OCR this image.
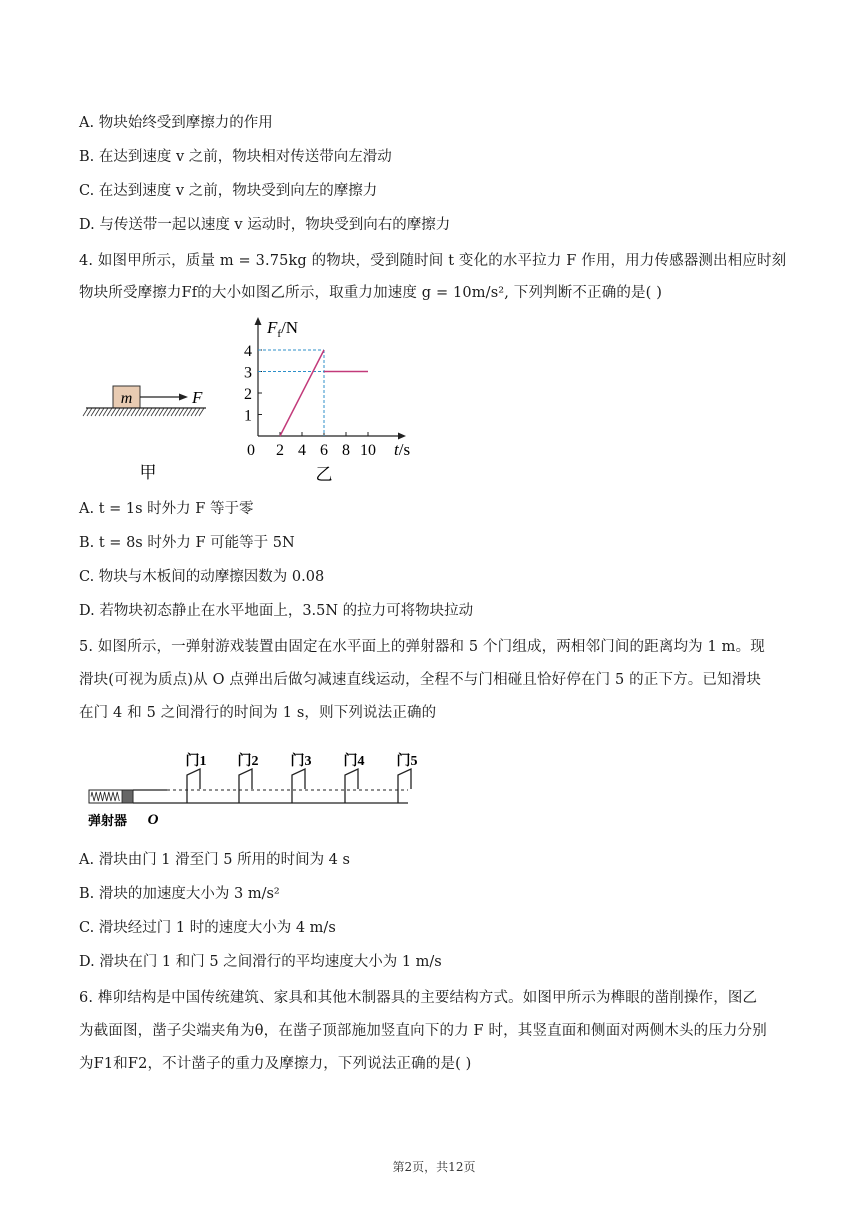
A. 物块始终受到摩擦力的作用
B. 在达到速度 v 之前，物块相对传送带向左滑动
C. 在达到速度 v 之前，物块受到向左的摩擦力
D. 与传送带一起以速度 v 运动时，物块受到向右的摩擦力
4. 如图甲所示，质量 m = 3.75kg 的物块，受到随时间 t 变化的水平拉力 F 作用，用力传感器测出相应时刻
物块所受摩擦力Ff的大小如图乙所示，取重力加速度 g = 10m/s², 下列判断不正确的是( )
m	F
甲
$F_f/N$
t/s
0 2 4 6 8 10
1
2
3
4
乙
A. t = 1s 时外力 F 等于零
B. t = 8s 时外力 F 可能等于 5N
C. 物块与木板间的动摩擦因数为 0.08
D. 若物块初态静止在水平地面上，3.5N 的拉力可将物块拉动
5. 如图所示，一弹射游戏装置由固定在水平面上的弹射器和 5 个门组成，两相邻门间的距离均为 1 m。现
滑块(可视为质点)从 O 点弹出后做匀减速直线运动，全程不与门相碰且恰好停在门 5 的正下方。已知滑块
在门 4 和 5 之间滑行的时间为 1 s，则下列说法正确的
门1 门2 门3 门4 门5
弹射器 O
A. 滑块由门 1 滑至门 5 所用的时间为 4 s
B. 滑块的加速度大小为 3 m/s²
C. 滑块经过门 1 时的速度大小为 4 m/s
D. 滑块在门 1 和门 5 之间滑行的平均速度大小为 1 m/s
6. 榫卯结构是中国传统建筑、家具和其他木制器具的主要结构方式。如图甲所示为榫眼的凿削操作，图乙
为截面图，凿子尖端夹角为θ，在凿子顶部施加竖直向下的力 F 时，其竖直面和侧面对两侧木头的压力分别
为F1和F2，不计凿子的重力及摩擦力，下列说法正确的是( )
第2页，共12页
